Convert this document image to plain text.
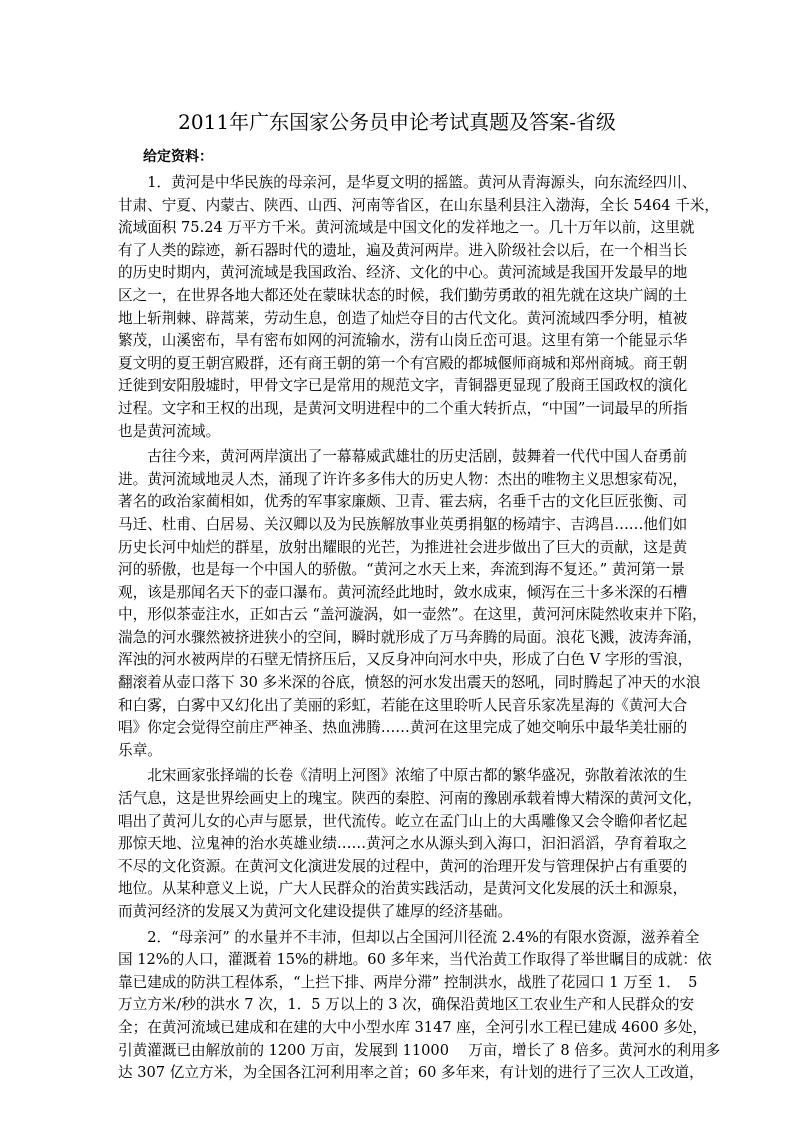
2011年广东国家公务员申论考试真题及答案-省级
给定资料：
　　1．黄河是中华民族的母亲河，是华夏文明的摇篮。黄河从青海源头，向东流经四川、
甘肃、宁夏、内蒙古、陕西、山西、河南等省区，在山东垦利县注入渤海，全长 5464 千米，
流域面积 75.24 万平方千米。黄河流域是中国文化的发祥地之一。几十万年以前，这里就
有了人类的踪迹，新石器时代的遗址，遍及黄河两岸。进入阶级社会以后，在一个相当长
的历史时期内，黄河流域是我国政治、经济、文化的中心。黄河流域是我国开发最早的地
区之一，在世界各地大都还处在蒙昧状态的时候，我们勤劳勇敢的祖先就在这块广阔的土
地上斩荆棘、辟蒿莱，劳动生息，创造了灿烂夺目的古代文化。黄河流域四季分明，植被
繁茂，山溪密布，旱有密布如网的河流输水，涝有山岗丘峦可退。这里有第一个能显示华
夏文明的夏王朝宫殿群，还有商王朝的第一个有宫殿的都城偃师商城和郑州商城。商王朝
迁徙到安阳殷墟时，甲骨文字已是常用的规范文字，青铜器更显现了殷商王国政权的演化
过程。文字和王权的出现，是黄河文明进程中的二个重大转折点，“中国”一词最早的所指
也是黄河流域。
　　古往今来，黄河两岸演出了一幕幕威武雄壮的历史活剧，鼓舞着一代代中国人奋勇前
进。黄河流域地灵人杰，涌现了许许多多伟大的历史人物：杰出的唯物主义思想家荀况，
著名的政治家蔺相如，优秀的军事家廉颇、卫青、霍去病，名垂千古的文化巨匠张衡、司
马迁、杜甫、白居易、关汉卿以及为民族解放事业英勇捐躯的杨靖宇、吉鸿昌……他们如
历史长河中灿烂的群星，放射出耀眼的光芒，为推进社会进步做出了巨大的贡献，这是黄
河的骄傲，也是每一个中国人的骄傲。“黄河之水天上来，奔流到海不复还。” 黄河第一景
观，该是那闻名天下的壶口瀑布。黄河流经此地时，敛水成束，倾泻在三十多米深的石槽
中，形似茶壶注水，正如古云 “盖河漩涡，如一壶然”。在这里，黄河河床陡然收束并下陷，
湍急的河水骤然被挤进狭小的空间，瞬时就形成了万马奔腾的局面。浪花飞溅，波涛奔涌，
浑浊的河水被两岸的石壁无情挤压后，又反身冲向河水中央，形成了白色 V 字形的雪浪，
翻滚着从壶口落下 30 多米深的谷底，愤怒的河水发出震天的怒吼，同时腾起了冲天的水浪
和白雾，白雾中又幻化出了美丽的彩虹，若能在这里聆听人民音乐家冼星海的《黄河大合
唱》你定会觉得空前庄严神圣、热血沸腾……黄河在这里完成了她交响乐中最华美壮丽的
乐章。
　　北宋画家张择端的长卷《清明上河图》浓缩了中原古都的繁华盛况，弥散着浓浓的生
活气息，这是世界绘画史上的瑰宝。陕西的秦腔、河南的豫剧承载着博大精深的黄河文化，
唱出了黄河儿女的心声与愿景，世代流传。屹立在孟门山上的大禹雕像又会令瞻仰者忆起
那惊天地、泣鬼神的治水英雄业绩……黄河之水从源头到入海口，汩汩滔滔，孕育着取之
不尽的文化资源。在黄河文化演进发展的过程中，黄河的治理开发与管理保护占有重要的
地位。从某种意义上说，广大人民群众的治黄实践活动，是黄河文化发展的沃土和源泉，
而黄河经济的发展又为黄河文化建设提供了雄厚的经济基础。
　　2．“母亲河” 的水量并不丰沛，但却以占全国河川径流 2.4%的有限水资源，滋养着全
国 12%的人口，灌溉着 15%的耕地。60 多年来，当代治黄工作取得了举世瞩目的成就：依
靠已建成的防洪工程体系，“上拦下排、两岸分滞” 控制洪水，战胜了花园口 1 万至 1．　5
万立方米/秒的洪水 7 次，1．5 万以上的 3 次，确保沿黄地区工农业生产和人民群众的安
全；在黄河流域已建成和在建的大中小型水库 3147 座，全河引水工程已建成 4600 多处，
引黄灌溉已由解放前的 1200 万亩，发展到 11000　 万亩，增长了 8 倍多。黄河水的利用多
达 307 亿立方米，为全国各江河利用率之首；60 多年来，有计划的进行了三次人工改道，
